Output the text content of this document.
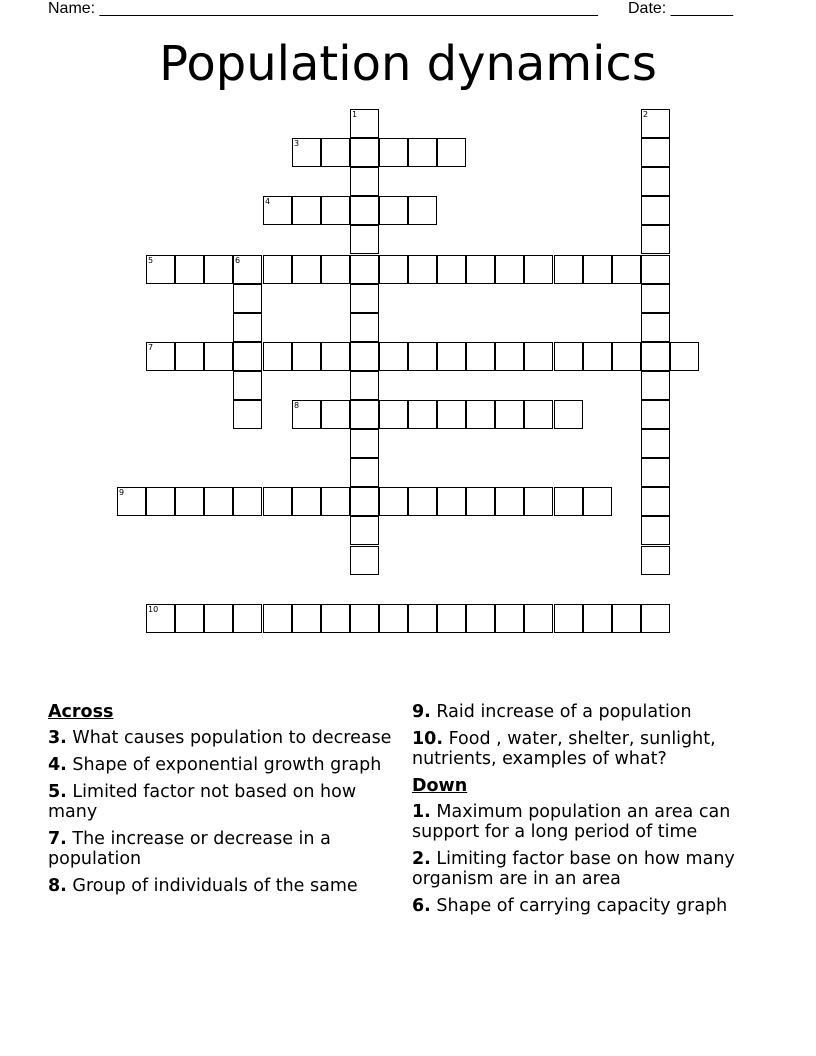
Name: ________________________________________________________ Date: _______
Population dynamics
1	2
3
4
5	6
7
8
9
10
Across
3. What causes population to decrease
4. Shape of exponential growth graph
5. Limited factor not based on how many
7. The increase or decrease in a population
8. Group of individuals of the same
9. Raid increase of a population
10. Food , water, shelter, sunlight, nutrients, examples of what?
Down
1. Maximum population an area can support for a long period of time
2. Limiting factor base on how many organism are in an area
6. Shape of carrying capacity graph
